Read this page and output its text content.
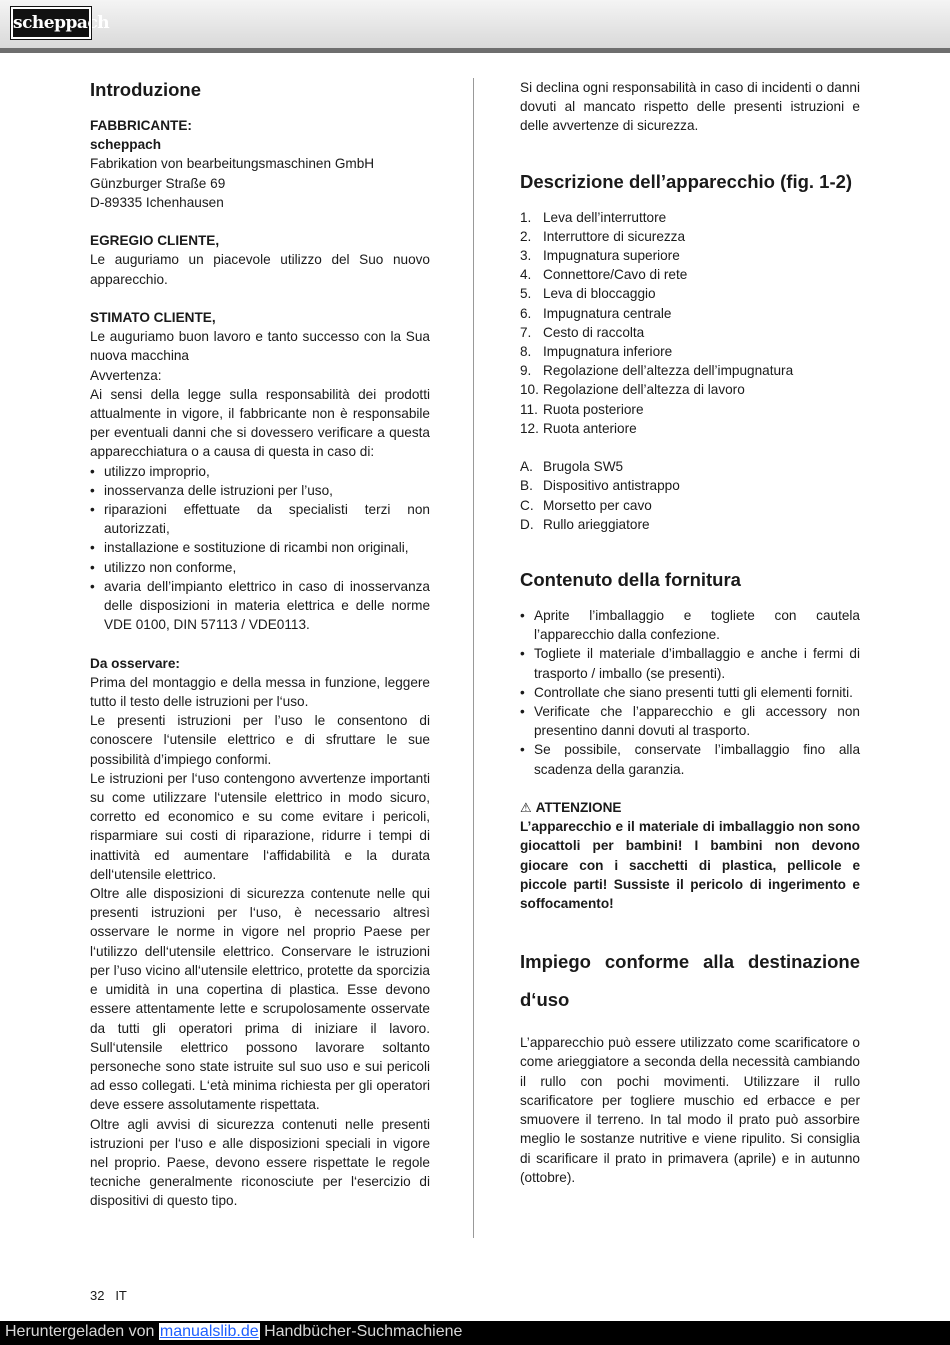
scheppach
Introduzione

FABBRICANTE:

scheppach

Fabrikation von bearbeitungsmaschinen GmbH

Günzburger Straße 69

D-89335 Ichenhausen

EGREGIO CLIENTE,

Le auguriamo un piacevole utilizzo del Suo nuovo apparecchio.

STIMATO CLIENTE,

Le auguriamo buon lavoro e tanto successo con la Sua nuova macchina

Avvertenza:

Ai sensi della legge sulla responsabilità dei prodotti attualmente in vigore, il fabbricante non è responsabile per eventuali danni che si dovessero verificare a questa apparecchiatura o a causa di questa in caso di:

• utilizzo improprio,
• inosservanza delle istruzioni per l’uso,
• riparazioni effettuate da specialisti terzi non autorizzati,
• installazione e sostituzione di ricambi non originali,
• utilizzo non conforme,
• avaria dell’impianto elettrico in caso di inosservanza delle disposizioni in materia elettrica e delle norme VDE 0100, DIN 57113 / VDE0113.

Da osservare:

Prima del montaggio e della messa in funzione, leggere tutto il testo delle istruzioni per l‘uso.

Le presenti istruzioni per l’uso le consentono di conoscere l‘utensile elettrico e di sfruttare le sue possibilità d’impiego conformi.

Le istruzioni per l‘uso contengono avvertenze importanti su come utilizzare l‘utensile elettrico in modo sicuro, corretto ed economico e su come evitare i pericoli, risparmiare sui costi di riparazione, ridurre i tempi di inattività ed aumentare l‘affidabilità e la durata dell‘utensile elettrico.

Oltre alle disposizioni di sicurezza contenute nelle qui presenti istruzioni per l‘uso, è necessario altresì osservare le norme in vigore nel proprio Paese per l‘utilizzo dell‘utensile elettrico. Conservare le istruzioni per l’uso vicino all‘utensile elettrico, protette da sporcizia e umidità in una copertina di plastica. Esse devono essere attentamente lette e scrupolosamente osservate da tutti gli operatori prima di iniziare il lavoro. Sull‘utensile elettrico possono lavorare soltanto personeche sono state istruite sul suo uso e sui pericoli ad esso collegati. L‘età minima richiesta per gli operatori deve essere assolutamente rispettata.

Oltre agli avvisi di sicurezza contenuti nelle presenti istruzioni per l‘uso e alle disposizioni speciali in vigore nel proprio. Paese, devono essere rispettate le regole tecniche generalmente riconosciute per l‘esercizio di dispositivi di questo tipo.

Si declina ogni responsabilità in caso di incidenti o danni dovuti al mancato rispetto delle presenti istruzioni e delle avvertenze di sicurezza.

Descrizione dell’apparecchio (fig. 1-2)
1. Leva dell’interruttore
2. Interruttore di sicurezza
3. Impugnatura superiore
4. Connettore/Cavo di rete
5. Leva di bloccaggio
6. Impugnatura centrale
7. Cesto di raccolta
8. Impugnatura inferiore
9. Regolazione dell’altezza dell’impugnatura
10. Regolazione dell’altezza di lavoro
11. Ruota posteriore
12. Ruota anteriore
A. Brugola SW5
B. Dispositivo antistrappo
C. Morsetto per cavo
D. Rullo arieggiatore
Contenuto della fornitura
• Aprite l’imballaggio e togliete con cautela l’apparecchio dalla confezione.
• Togliete il materiale d’imballaggio e anche i fermi di trasporto / imballo (se presenti).
• Controllate che siano presenti tutti gli elementi forniti.
• Verificate che l’apparecchio e gli accessory non presentino danni dovuti al trasporto.
• Se possibile, conservate l’imballaggio fino alla scadenza della garanzia.

⚠ ATTENZIONE

L’apparecchio e il materiale di imballaggio non sono giocattoli per bambini! I bambini non devono giocare con i sacchetti di plastica, pellicole e piccole parti! Sussiste il pericolo di ingerimento e soffocamento!

Impiego conforme alla destinazione d‘uso

L’apparecchio può essere utilizzato come scarificatore o come arieggiatore a seconda della necessità cambiando il rullo con pochi movimenti. Utilizzare il rullo scarificatore per togliere muschio ed erbacce e per smuovere il terreno. In tal modo il prato può assorbire meglio le sostanze nutritive e viene ripulito. Si consiglia di scarificare il prato in primavera (aprile) e in autunno (ottobre).

32 IT
Heruntergeladen von manualslib.de Handbücher-Suchmachiene
